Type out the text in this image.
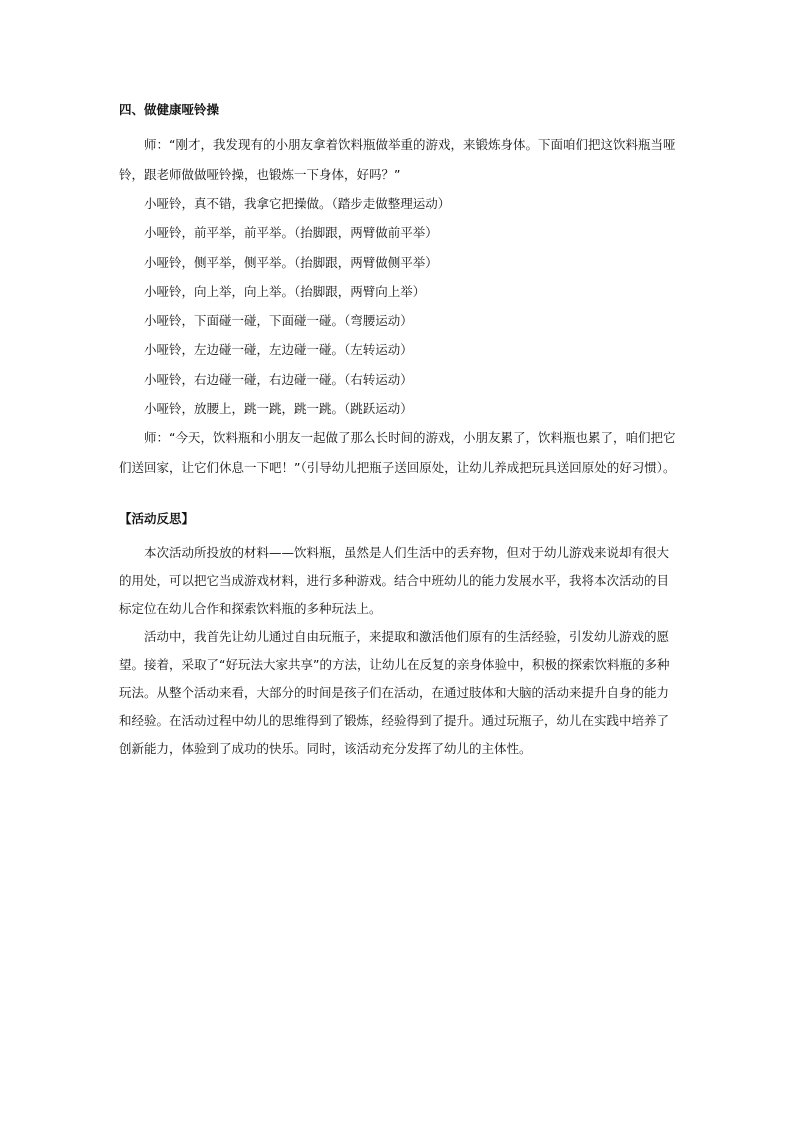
四、做健康哑铃操

师：“刚才，我发现有的小朋友拿着饮料瓶做举重的游戏，来锻炼身体。下面咱们把这饮料瓶当哑铃，跟老师做做哑铃操，也锻炼一下身体，好吗？”

小哑铃，真不错，我拿它把操做。（踏步走做整理运动）

小哑铃，前平举，前平举。（抬脚跟，两臂做前平举）

小哑铃，侧平举，侧平举。（抬脚跟，两臂做侧平举）

小哑铃，向上举，向上举。（抬脚跟，两臂向上举）

小哑铃，下面碰一碰，下面碰一碰。（弯腰运动）

小哑铃，左边碰一碰，左边碰一碰。（左转运动）

小哑铃，右边碰一碰，右边碰一碰。（右转运动）

小哑铃，放腰上，跳一跳，跳一跳。（跳跃运动）

师：“今天，饮料瓶和小朋友一起做了那么长时间的游戏，小朋友累了，饮料瓶也累了，咱们把它们送回家，让它们休息一下吧！”（引导幼儿把瓶子送回原处，让幼儿养成把玩具送回原处的好习惯）。

【活动反思】

本次活动所投放的材料——饮料瓶，虽然是人们生活中的丢弃物，但对于幼儿游戏来说却有很大的用处，可以把它当成游戏材料，进行多种游戏。结合中班幼儿的能力发展水平，我将本次活动的目标定位在幼儿合作和探索饮料瓶的多种玩法上。

活动中，我首先让幼儿通过自由玩瓶子，来提取和激活他们原有的生活经验，引发幼儿游戏的愿望。接着，采取了“好玩法大家共享”的方法，让幼儿在反复的亲身体验中，积极的探索饮料瓶的多种玩法。从整个活动来看，大部分的时间是孩子们在活动，在通过肢体和大脑的活动来提升自身的能力和经验。在活动过程中幼儿的思维得到了锻炼，经验得到了提升。通过玩瓶子，幼儿在实践中培养了创新能力，体验到了成功的快乐。同时，该活动充分发挥了幼儿的主体性。
